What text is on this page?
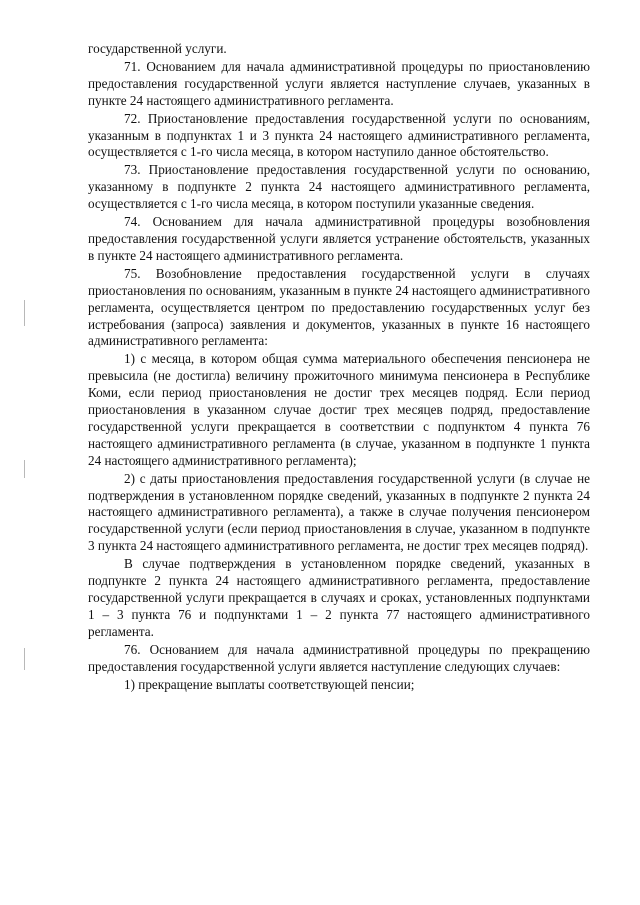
государственной услуги.

71. Основанием для начала административной процедуры по приостановлению предоставления государственной услуги является наступление случаев, указанных в пункте 24 настоящего административного регламента.

72. Приостановление предоставления государственной услуги по основаниям, указанным в подпунктах 1 и 3 пункта 24 настоящего административного регламента, осуществляется с 1-го числа месяца, в котором наступило данное обстоятельство.

73. Приостановление предоставления государственной услуги по основанию, указанному в подпункте 2 пункта 24 настоящего административного регламента, осуществляется с 1-го числа месяца, в котором поступили указанные сведения.

74. Основанием для начала административной процедуры возобновления предоставления государственной услуги является устранение обстоятельств, указанных в пункте 24 настоящего административного регламента.

75. Возобновление предоставления государственной услуги в случаях приостановления по основаниям, указанным в пункте 24 настоящего административного регламента, осуществляется центром по предоставлению государственных услуг без истребования (запроса) заявления и документов, указанных в пункте 16 настоящего административного регламента:

1) с месяца, в котором общая сумма материального обеспечения пенсионера не превысила (не достигла) величину прожиточного минимума пенсионера в Республике Коми, если период приостановления не достиг трех месяцев подряд. Если период приостановления в указанном случае достиг трех месяцев подряд, предоставление государственной услуги прекращается в соответствии с подпунктом 4 пункта 76 настоящего административного регламента (в случае, указанном в подпункте 1 пункта 24 настоящего административного регламента);

2) с даты приостановления предоставления государственной услуги (в случае не подтверждения в установленном порядке сведений, указанных в подпункте 2 пункта 24 настоящего административного регламента), а также в случае получения пенсионером государственной услуги (если период приостановления в случае, указанном в подпункте 3 пункта 24 настоящего административного регламента, не достиг трех месяцев подряд).

В случае подтверждения в установленном порядке сведений, указанных в подпункте 2 пункта 24 настоящего административного регламента, предоставление государственной услуги прекращается в случаях и сроках, установленных подпунктами 1 – 3 пункта 76 и подпунктами 1 – 2 пункта 77 настоящего административного регламента.

76. Основанием для начала административной процедуры по прекращению предоставления государственной услуги является наступление следующих случаев:

1) прекращение выплаты соответствующей пенсии;
